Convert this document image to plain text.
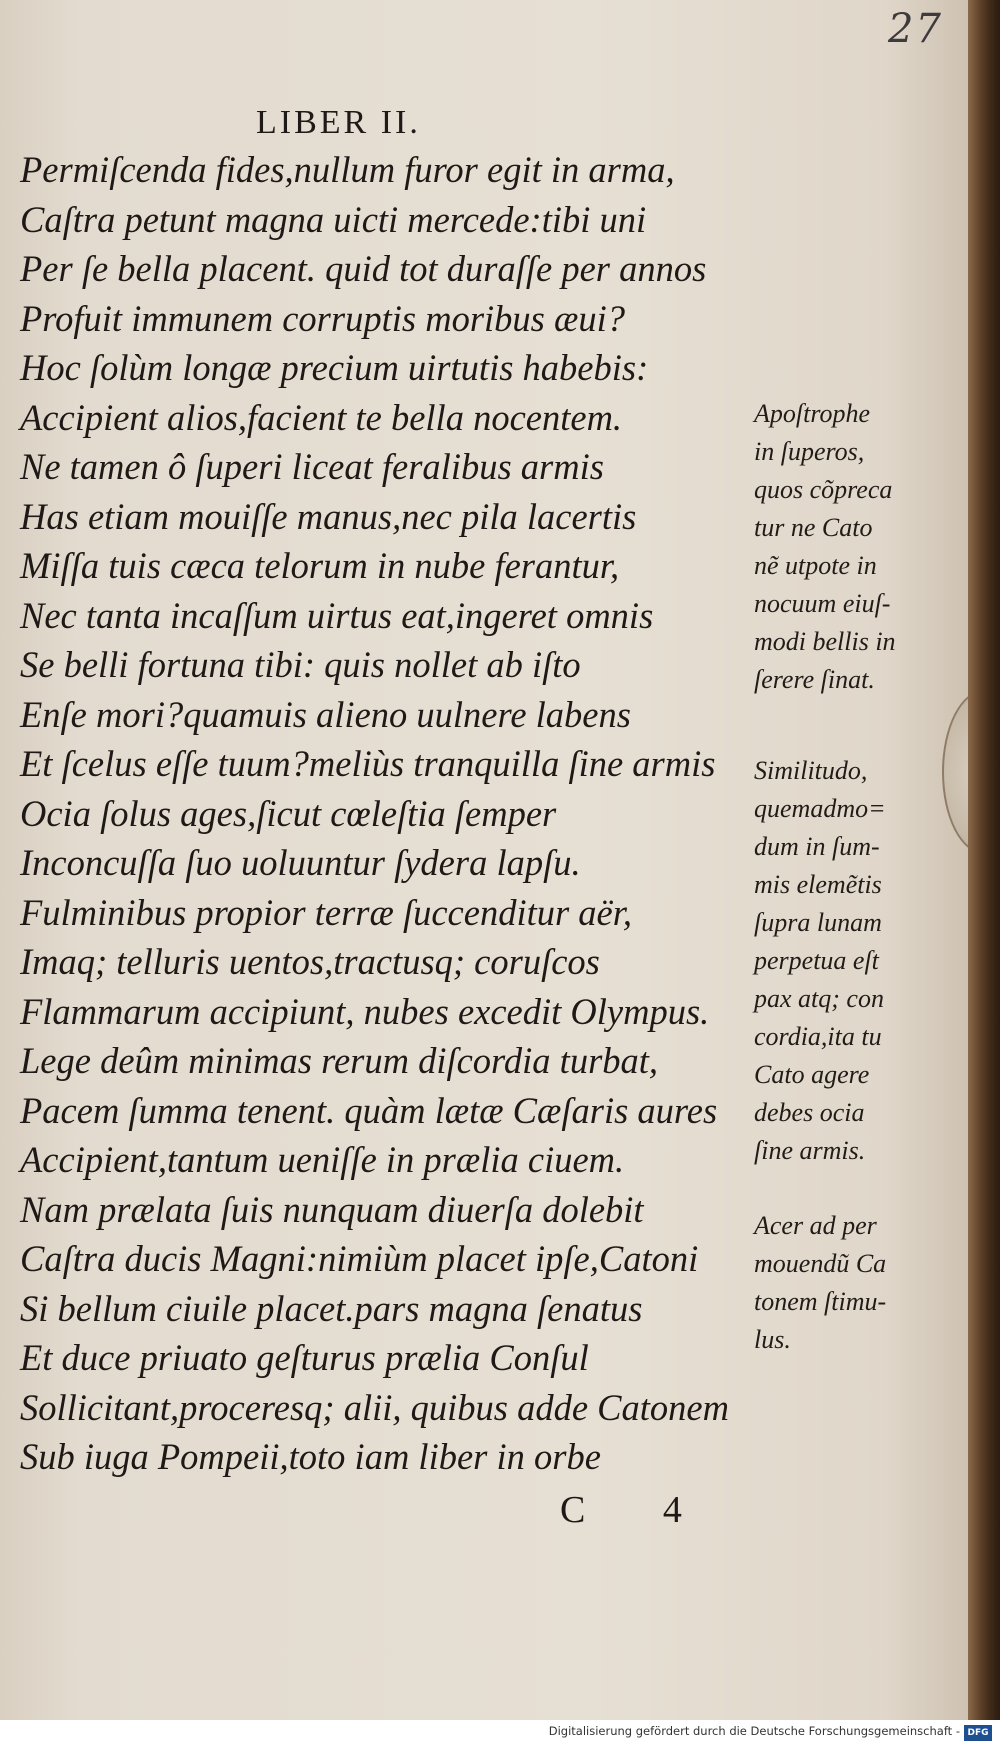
27
LIBER II.
Permiſcenda fides,nullum furor egit in arma,
Caſtra petunt magna uicti mercede:tibi uni
Per ſe bella placent. quid tot duraſſe per annos
Profuit immunem corruptis moribus æui?
Hoc ſolùm longæ precium uirtutis habebis:
Accipient alios,facient te bella nocentem.
Ne tamen ô ſuperi liceat feralibus armis
Has etiam mouiſſe manus,nec pila lacertis
Miſſa tuis cæca telorum in nube ferantur,
Nec tanta incaſſum uirtus eat,ingeret omnis
Se belli fortuna tibi: quis nollet ab iſto
Enſe mori?quamuis alieno uulnere labens
Et ſcelus eſſe tuum?meliùs tranquilla ſine armis
Ocia ſolus ages,ſicut cœleſtia ſemper
Inconcuſſa ſuo uoluuntur ſydera lapſu.
Fulminibus propior terræ ſuccenditur aër,
Imaq; telluris uentos,tractusq; coruſcos
Flammarum accipiunt, nubes excedit Olympus.
Lege deûm minimas rerum diſcordia turbat,
Pacem ſumma tenent. quàm lætæ Cæſaris aures
Accipient,tantum ueniſſe in prælia ciuem.
Nam prælata ſuis nunquam diuerſa dolebit
Caſtra ducis Magni:nimiùm placet ipſe,Catoni
Si bellum ciuile placet.pars magna ſenatus
Et duce priuato geſturus prælia Conſul
Sollicitant,proceresq; alii, quibus adde Catonem
Sub iuga Pompeii,toto iam liber in orbe
Apoſtrophe
in ſuperos,
quos cõpreca
tur ne Cato
nẽ utpote in
nocuum eiuſ-
modi bellis in
ſerere ſinat.
Similitudo,
quemadmo=
dum in ſum-
mis elemẽtis
ſupra lunam
perpetua eſt
pax atq; con
cordia,ita tu
Cato agere
debes ocia
ſine armis.
Acer ad per
mouendũ Ca
tonem ſtimu-
lus.
C 4
Digitalisierung gefördert durch die Deutsche Forschungsgemeinschaft - DFG
